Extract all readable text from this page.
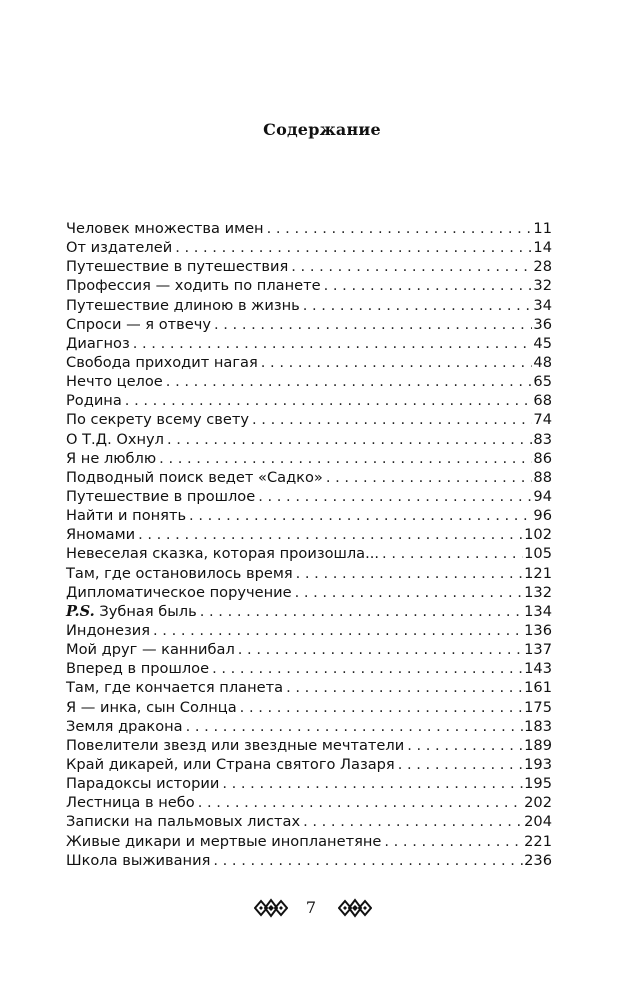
Содержание
Человек множества имен . . .	11
От издателей . . .	14
Путешествие в путешествия . . .	28
Профессия — ходить по планете . . .	32
Путешествие длиною в жизнь . . .	34
Спроси — я отвечу . . .	36
Диагноз . . .	45
Свобода приходит нагая . . .	48
Нечто целое . . .	65
Родина . . .	68
По секрету всему свету . . .	74
О Т.Д. Охнул . . .	83
Я не люблю . . .	86
Подводный поиск ведет «Садко» . . .	88
Путешествие в прошлое . . .	94
Найти и понять . . .	96
Яномами . . .	102
Невеселая сказка, которая произошла... . . .	105
Там, где остановилось время . . .	121
Дипломатическое поручение . . .	132
P.S. Зубная быль . . .	134
Индонезия . . .	136
Мой друг — каннибал . . .	137
Вперед в прошлое . . .	143
Там, где кончается планета . . .	161
Я — инка, сын Солнца . . .	175
Земля дракона . . .	183
Повелители звезд или звездные мечтатели . . .	189
Край дикарей, или Страна святого Лазаря . . .	193
Парадоксы истории . . .	195
Лестница в небо . . .	202
Записки на пальмовых листах . . .	204
Живые дикари и мертвые инопланетяне . . .	221
Школа выживания . . .	236
7
